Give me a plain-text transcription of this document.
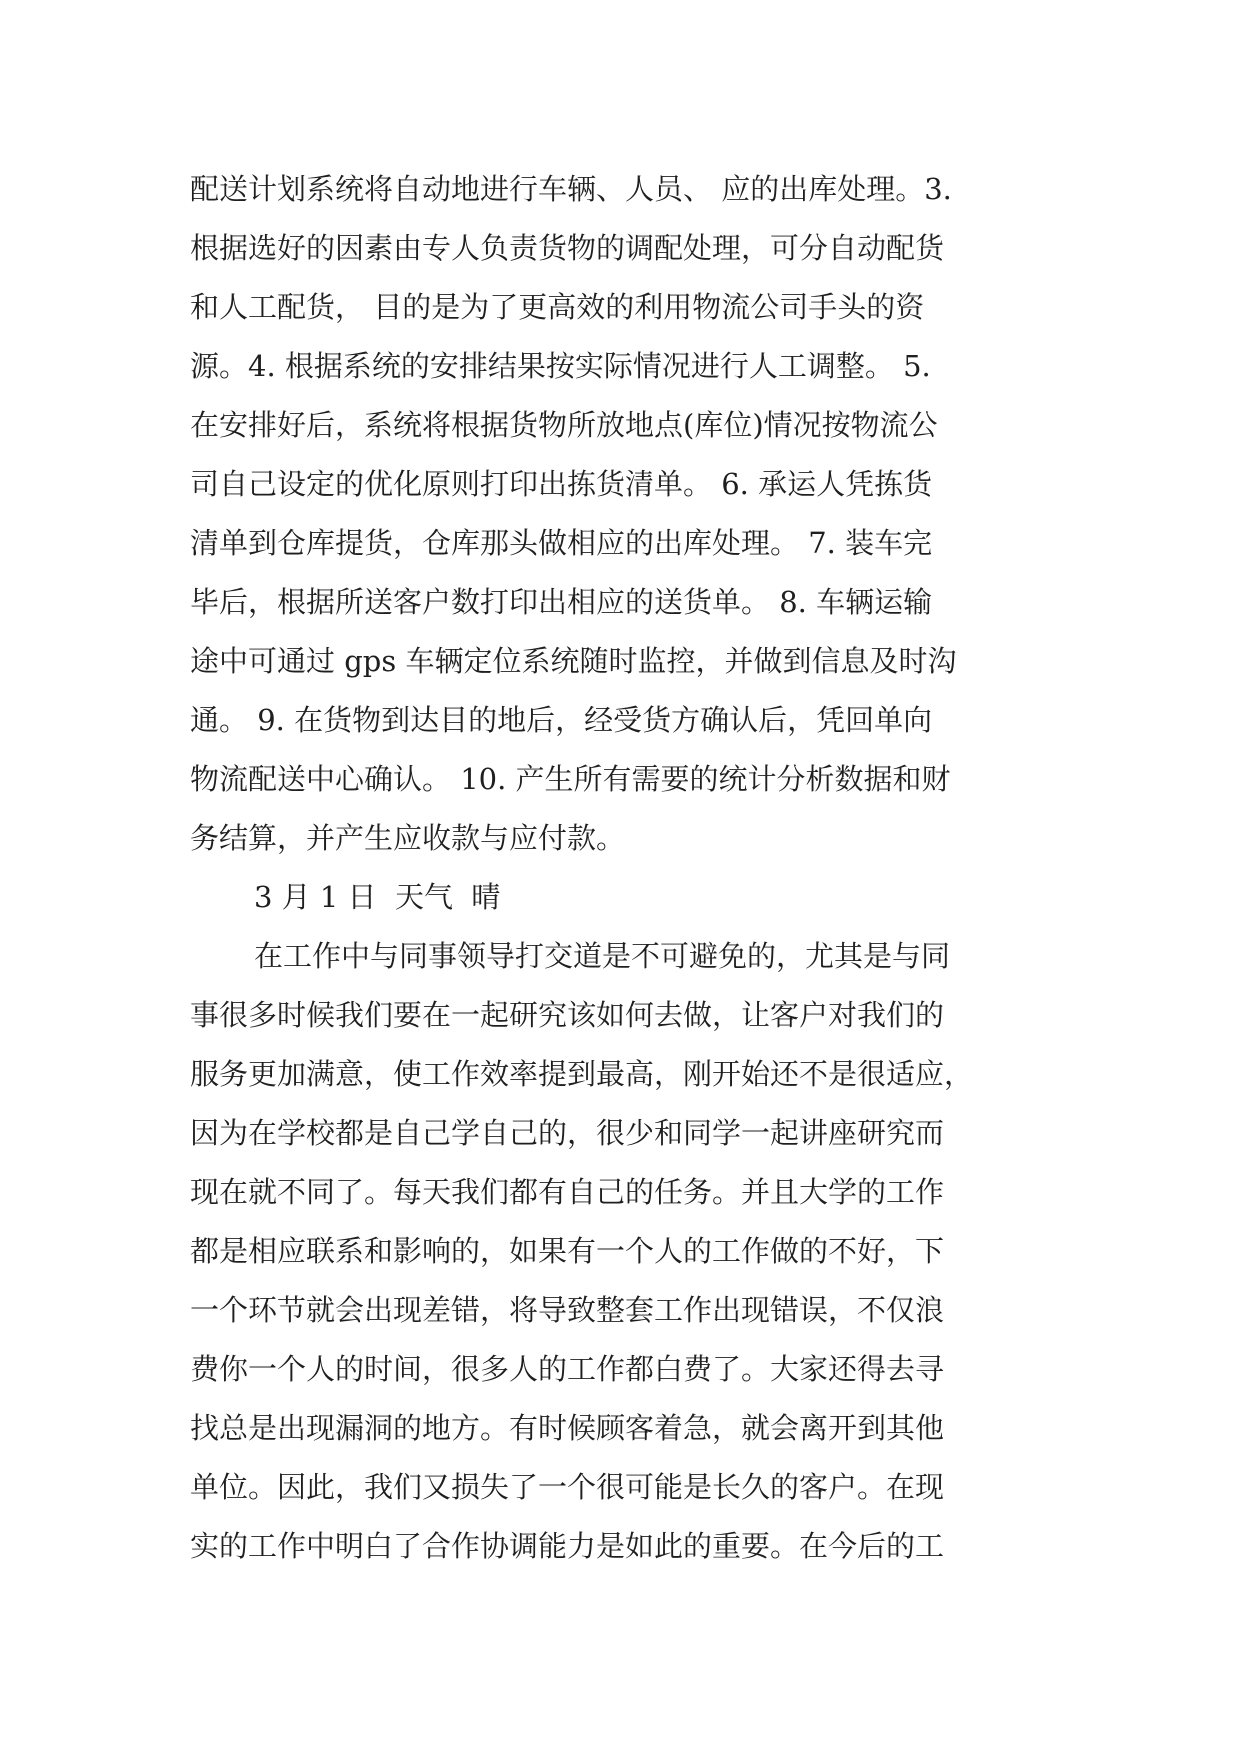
配送计划系统将自动地进行车辆、人员、 应的出库处理。3.
根据选好的因素由专人负责货物的调配处理，可分自动配货
和人工配货， 目的是为了更高效的利用物流公司手头的资
源。4. 根据系统的安排结果按实际情况进行人工调整。 5.
在安排好后，系统将根据货物所放地点(库位)情况按物流公
司自己设定的优化原则打印出拣货清单。 6. 承运人凭拣货
清单到仓库提货，仓库那头做相应的出库处理。 7. 装车完
毕后，根据所送客户数打印出相应的送货单。 8. 车辆运输
途中可通过 gps 车辆定位系统随时监控，并做到信息及时沟
通。 9. 在货物到达目的地后，经受货方确认后，凭回单向
物流配送中心确认。 10. 产生所有需要的统计分析数据和财
务结算，并产生应收款与应付款。
3 月 1 日  天气  晴
在工作中与同事领导打交道是不可避免的，尤其是与同
事很多时候我们要在一起研究该如何去做，让客户对我们的
服务更加满意，使工作效率提到最高，刚开始还不是很适应，
因为在学校都是自己学自己的，很少和同学一起讲座研究而
现在就不同了。每天我们都有自己的任务。并且大学的工作
都是相应联系和影响的，如果有一个人的工作做的不好，下
一个环节就会出现差错，将导致整套工作出现错误，不仅浪
费你一个人的时间，很多人的工作都白费了。大家还得去寻
找总是出现漏洞的地方。有时候顾客着急，就会离开到其他
单位。因此，我们又损失了一个很可能是长久的客户。在现
实的工作中明白了合作协调能力是如此的重要。在今后的工
